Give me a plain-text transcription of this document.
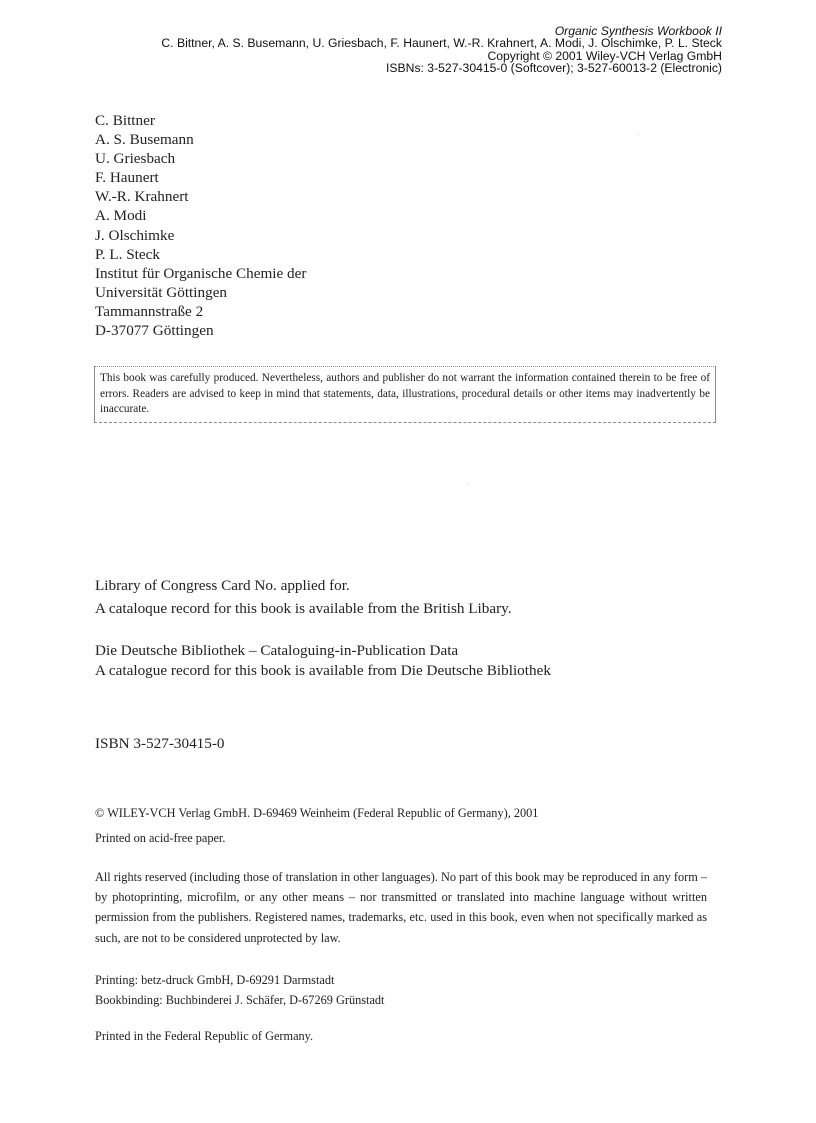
Organic Synthesis Workbook II
C. Bittner, A. S. Busemann, U. Griesbach, F. Haunert, W.-R. Krahnert, A. Modi, J. Olschimke, P. L. Steck
Copyright © 2001 Wiley-VCH Verlag GmbH
ISBNs: 3-527-30415-0 (Softcover); 3-527-60013-2 (Electronic)
C. Bittner
A. S. Busemann
U. Griesbach
F. Haunert
W.-R. Krahnert
A. Modi
J. Olschimke
P. L. Steck
Institut für Organische Chemie der
Universität Göttingen
Tammannstraße 2
D-37077 Göttingen
This book was carefully produced. Nevertheless, authors and publisher do not warrant the information contained therein to be free of errors. Readers are advised to keep in mind that statements, data, illustrations, procedural details or other items may inadvertently be inaccurate.
Library of Congress Card No. applied for.
A cataloque record for this book is available from the British Libary.
Die Deutsche Bibliothek – Cataloguing-in-Publication Data
A catalogue record for this book is available from Die Deutsche Bibliothek
ISBN 3-527-30415-0
© WILEY-VCH Verlag GmbH. D-69469 Weinheim (Federal Republic of Germany), 2001
Printed on acid-free paper.
All rights reserved (including those of translation in other languages). No part of this book may be reproduced in any form – by photoprinting, microfilm, or any other means – nor transmitted or translated into machine language without written permission from the publishers. Registered names, trademarks, etc. used in this book, even when not specifically marked as such, are not to be considered unprotected by law.
Printing: betz-druck GmbH, D-69291 Darmstadt
Bookbinding: Buchbinderei J. Schäfer, D-67269 Grünstadt
Printed in the Federal Republic of Germany.
